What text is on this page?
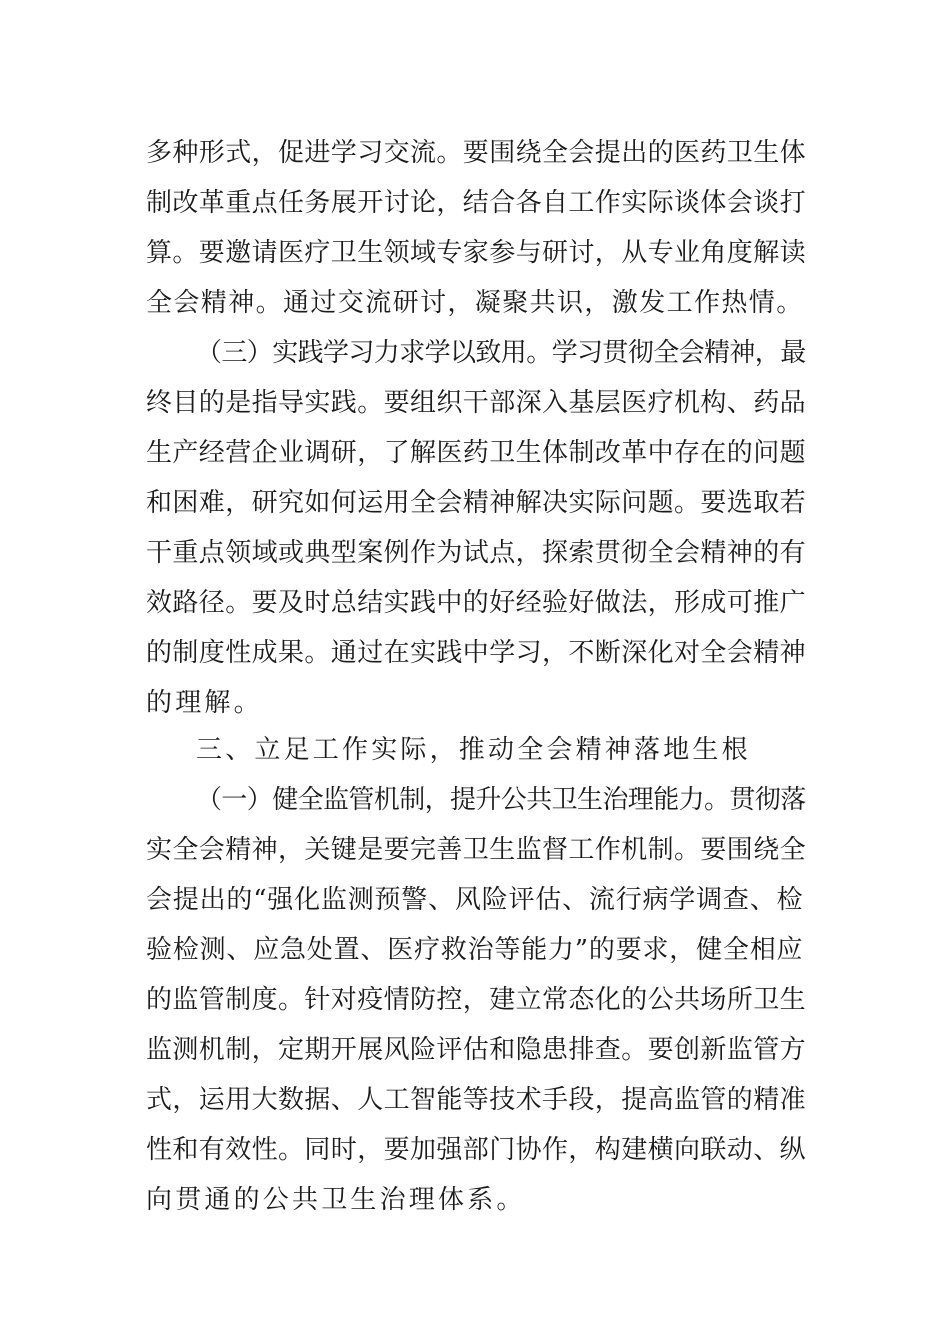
多种形式，促进学习交流。要围绕全会提出的医药卫生体
制改革重点任务展开讨论，结合各自工作实际谈体会谈打
算。要邀请医疗卫生领域专家参与研讨，从专业角度解读
全会精神。通过交流研讨，凝聚共识，激发工作热情。
（三）实践学习力求学以致用。学习贯彻全会精神，最
终目的是指导实践。要组织干部深入基层医疗机构、药品
生产经营企业调研，了解医药卫生体制改革中存在的问题
和困难，研究如何运用全会精神解决实际问题。要选取若
干重点领域或典型案例作为试点，探索贯彻全会精神的有
效路径。要及时总结实践中的好经验好做法，形成可推广
的制度性成果。通过在实践中学习，不断深化对全会精神
的理解。
三、立足工作实际，推动全会精神落地生根
（一）健全监管机制，提升公共卫生治理能力。贯彻落
实全会精神，关键是要完善卫生监督工作机制。要围绕全
会提出的“强化监测预警、风险评估、流行病学调查、检
验检测、应急处置、医疗救治等能力”的要求，健全相应
的监管制度。针对疫情防控，建立常态化的公共场所卫生
监测机制，定期开展风险评估和隐患排查。要创新监管方
式，运用大数据、人工智能等技术手段，提高监管的精准
性和有效性。同时，要加强部门协作，构建横向联动、纵
向贯通的公共卫生治理体系。
